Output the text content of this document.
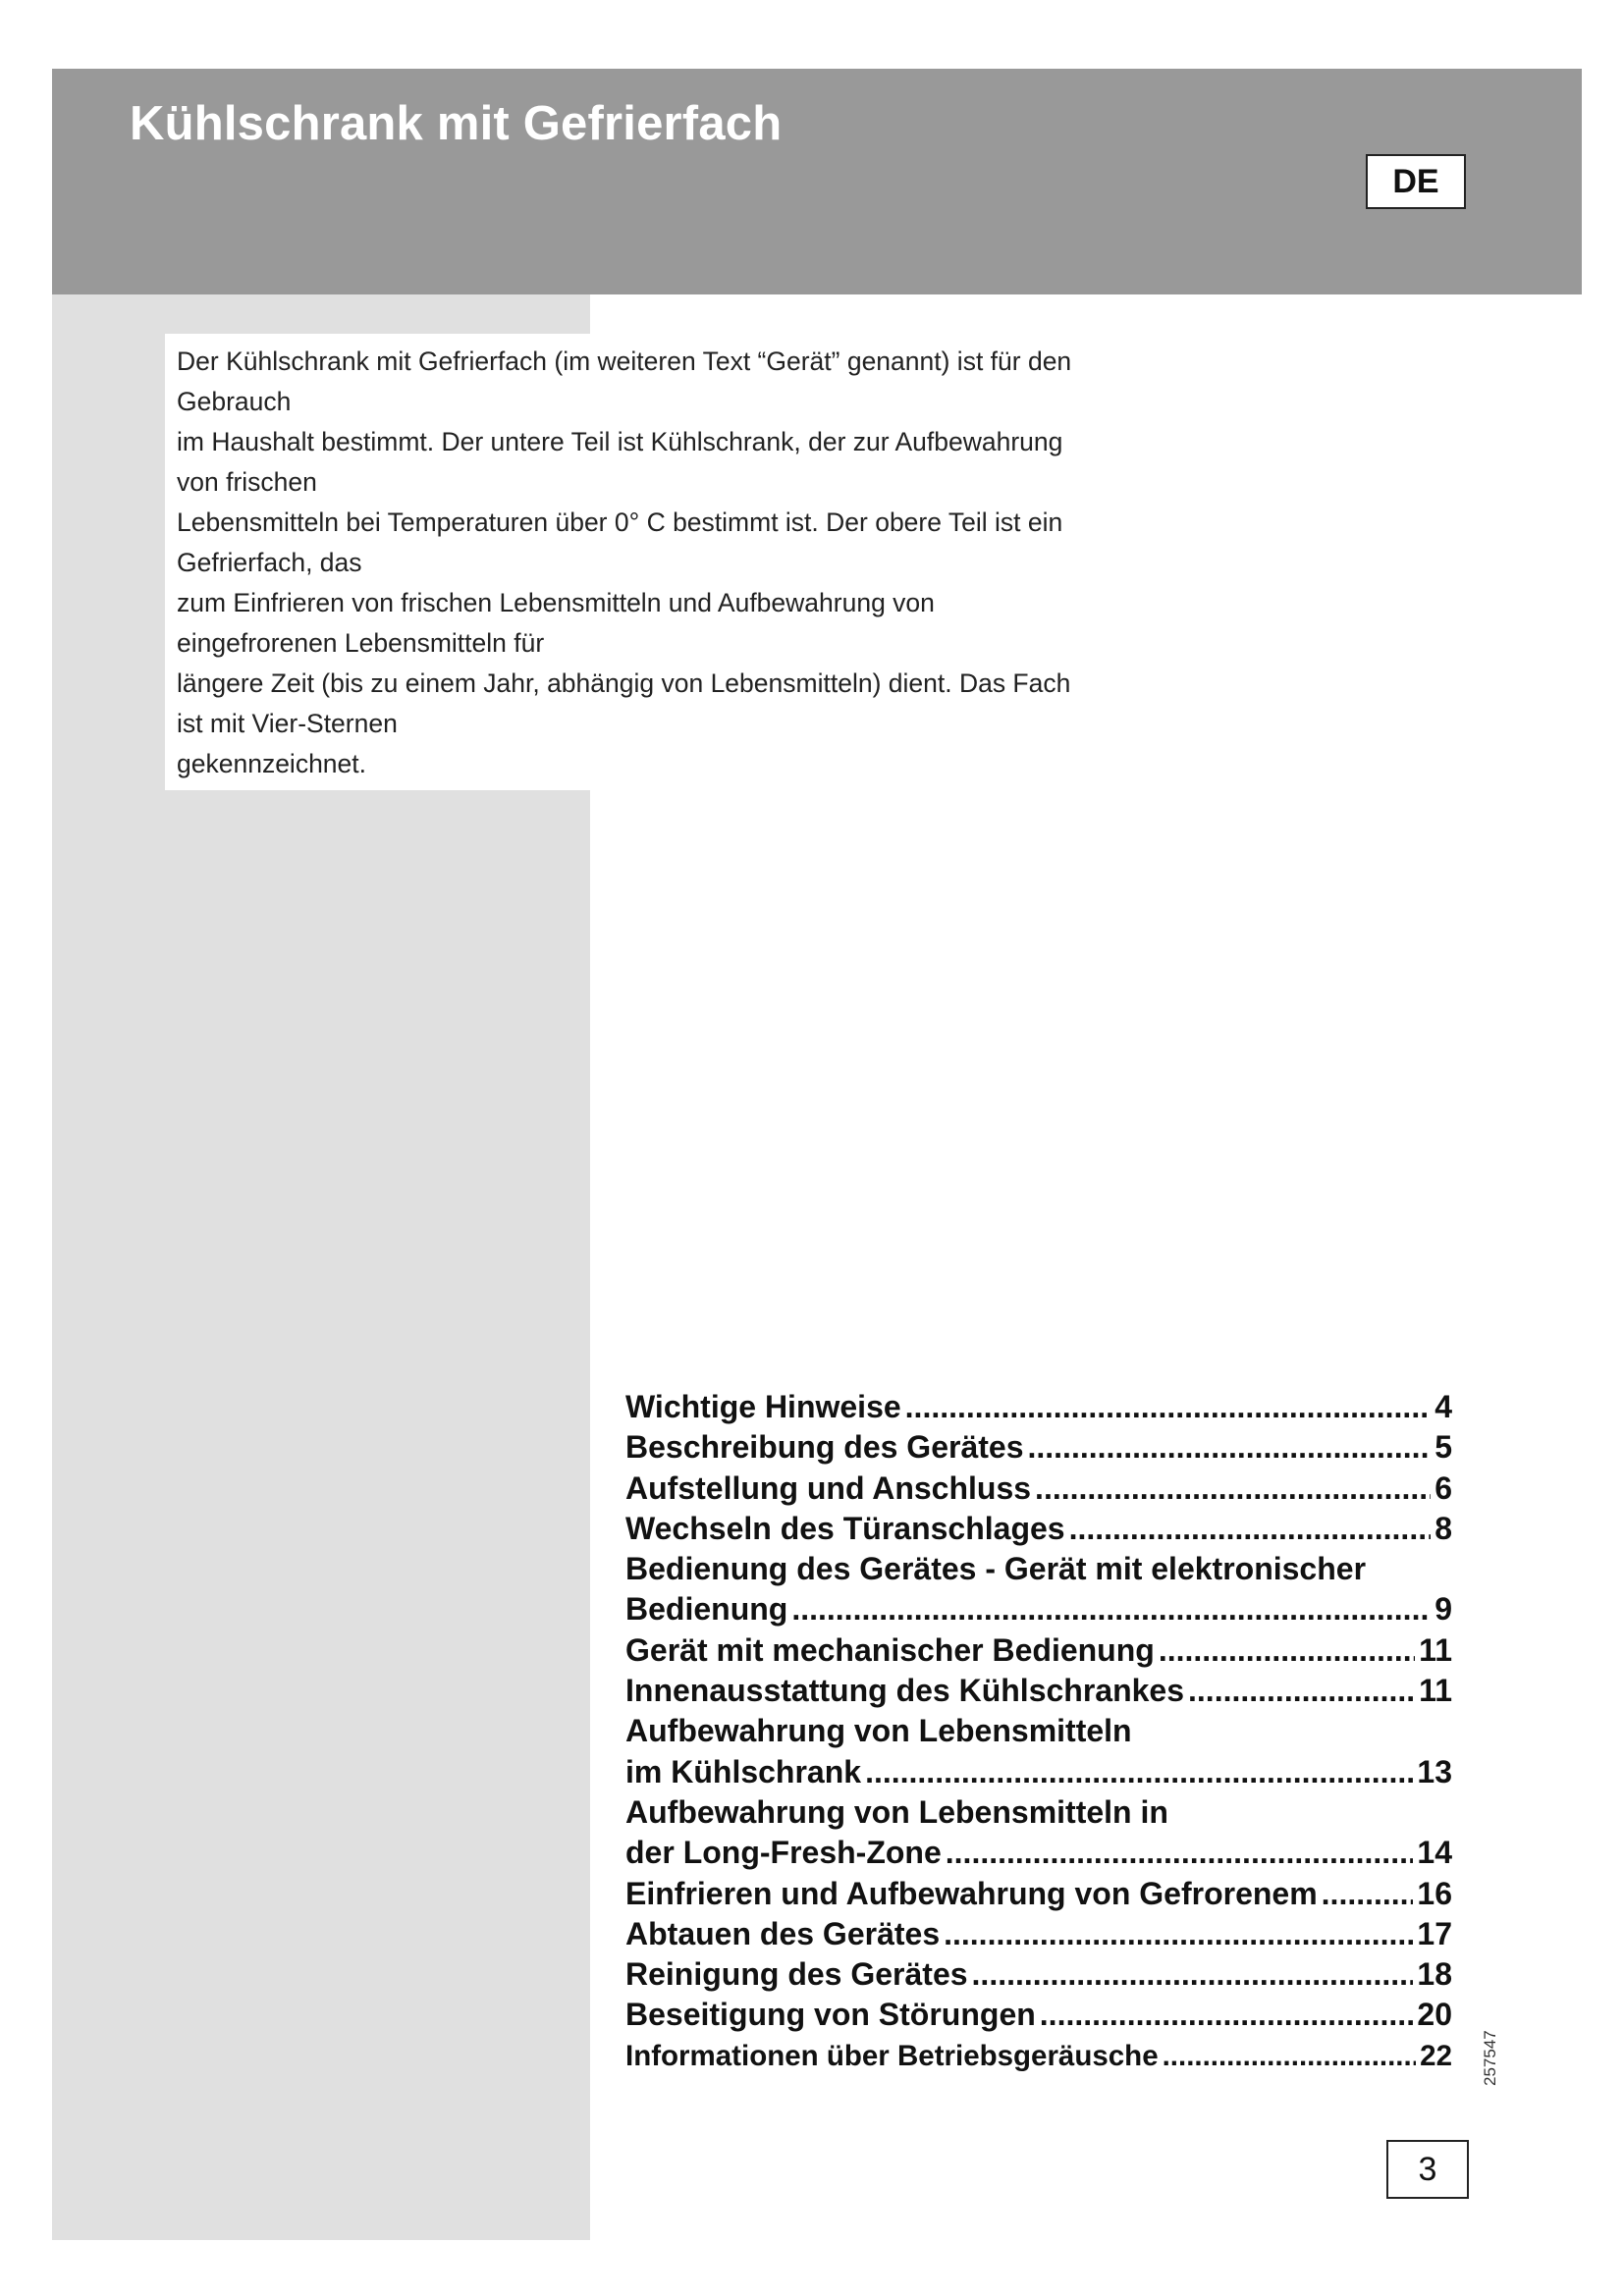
Kühlschrank mit Gefrierfach
DE

Der Kühlschrank mit Gefrierfach (im weiteren Text “Gerät” genannt) ist für den Gebrauch

im Haushalt bestimmt. Der untere Teil ist Kühlschrank, der zur Aufbewahrung von frischen

Lebensmitteln bei Temperaturen über 0° C bestimmt ist. Der obere Teil ist ein Gefrierfach, das

zum Einfrieren von frischen Lebensmitteln und Aufbewahrung von eingefrorenen Lebensmitteln für

längere Zeit (bis zu einem Jahr, abhängig von Lebensmitteln) dient. Das Fach ist mit Vier-Sternen

gekennzeichnet.

Wichtige Hinweise .....	4
Beschreibung des Gerätes .....	5
Aufstellung und Anschluss .....	6
Wechseln des Türanschlages .....	8
Bedienung des Gerätes - Gerät mit elektronischer
Bedienung .....	9
Gerät mit mechanischer Bedienung .....	11
Innenausstattung des Kühlschrankes .....	11
Aufbewahrung von Lebensmitteln
im Kühlschrank .....	13
Aufbewahrung von Lebensmitteln in
der Long-Fresh-Zone .....	14
Einfrieren und Aufbewahrung von Gefrorenem .....	16
Abtauen des Gerätes .....	17
Reinigung des Gerätes .....	18
Beseitigung von Störungen .....	20
Informationen über Betriebsgeräusche .....	22 257547
3
